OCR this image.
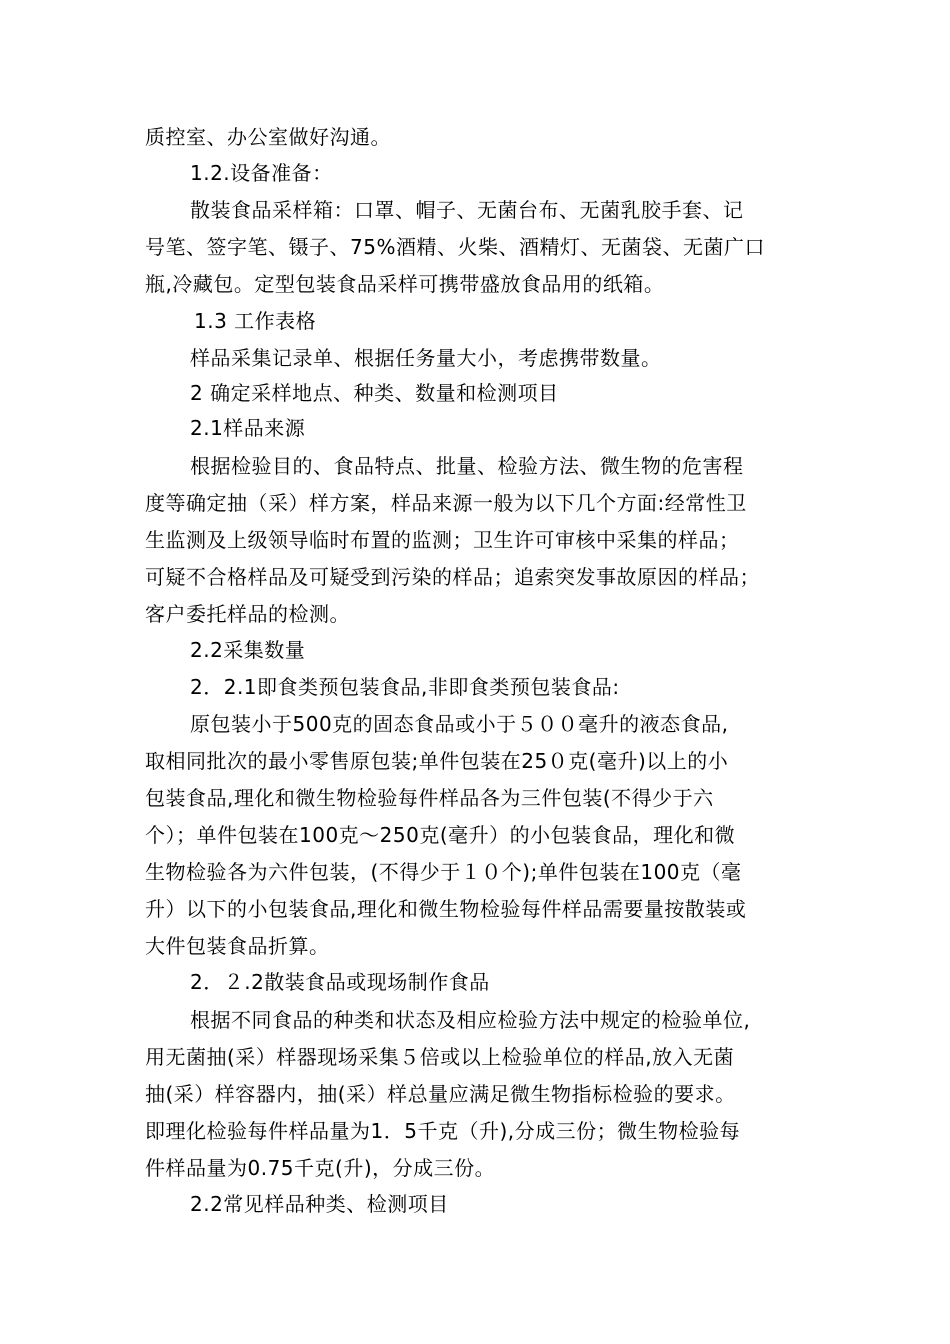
质控室、办公室做好沟通。
1.2.设备准备：
散装食品采样箱：口罩、帽子、无菌台布、无菌乳胶手套、记
号笔、签字笔、镊子、75%酒精、火柴、酒精灯、无菌袋、无菌广口
瓶,冷藏包。定型包装食品采样可携带盛放食品用的纸箱。
1.3 工作表格
样品采集记录单、根据任务量大小，考虑携带数量。
2 确定采样地点、种类、数量和检测项目
2.1样品来源
根据检验目的、食品特点、批量、检验方法、微生物的危害程
度等确定抽（采）样方案，样品来源一般为以下几个方面:经常性卫
生监测及上级领导临时布置的监测；卫生许可审核中采集的样品；
可疑不合格样品及可疑受到污染的样品；追索突发事故原因的样品；
客户委托样品的检测。
2.2采集数量
2．2.1即食类预包装食品,非即食类预包装食品:
原包装小于500克的固态食品或小于５００毫升的液态食品,
取相同批次的最小零售原包装;单件包装在25０克(毫升)以上的小
包装食品,理化和微生物检验每件样品各为三件包装(不得少于六
个）；单件包装在100克～250克(毫升）的小包装食品，理化和微
生物检验各为六件包装，(不得少于１０个);单件包装在100克（毫
升）以下的小包装食品,理化和微生物检验每件样品需要量按散装或
大件包装食品折算。
2．２.2散装食品或现场制作食品
根据不同食品的种类和状态及相应检验方法中规定的检验单位,
用无菌抽(采）样器现场采集５倍或以上检验单位的样品,放入无菌
抽(采）样容器内，抽(采）样总量应满足微生物指标检验的要求。
即理化检验每件样品量为1．5千克（升),分成三份；微生物检验每
件样品量为0.75千克(升)，分成三份。
2.2常见样品种类、检测项目
